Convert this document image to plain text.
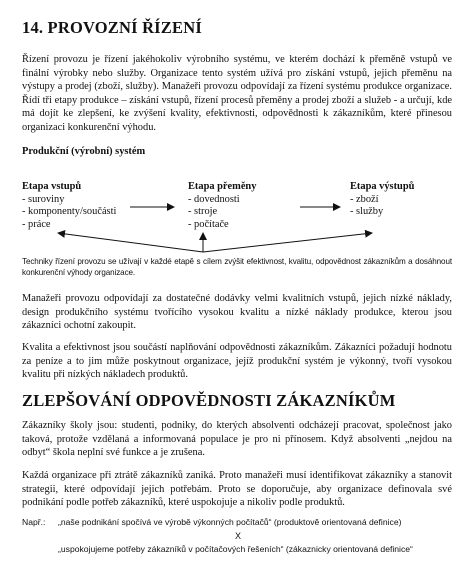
14. PROVOZNÍ ŘÍZENÍ
Řízení provozu je řízení jakéhokoliv výrobního systému, ve kterém dochází k přeměně vstupů ve finální výrobky nebo služby. Organizace tento systém užívá pro získání vstupů, jejich přeměnu na výstupy a prodej (zboží, služby). Manažeři provozu odpovídají za řízení systému produkce organizace. Řídí tři etapy produkce – získání vstupů, řízení procesů přeměny a prodej zboží a služeb - a určují, kde má dojít ke zlepšení, ke zvýšení kvality, efektivnosti, odpovědnosti k zákazníkům, které přinesou organizaci konkurenční výhodu.
Produkční (výrobní) systém
Etapa vstupů
- suroviny
- komponenty/součásti
- práce
Etapa přeměny
- dovednosti
- stroje
- počítače
Etapa výstupů
- zboží
- služby
Techniky řízení provozu se užívají v každé etapě s cílem zvýšit efektivnost, kvalitu, odpovědnost zákazníkům a dosáhnout konkurenční výhody organizace.
Manažeři provozu odpovídají za dostatečné dodávky velmi kvalitních vstupů, jejich nízké náklady, design produkčního systému tvořícího vysokou kvalitu a nízké náklady produkce, kterou jsou zákazníci ochotní zakoupit.
Kvalita a efektivnost jsou součástí naplňování odpovědnosti zákazníkům. Zákazníci požadují hodnotu za peníze a to jim může poskytnout organizace, jejíž produkční systém je výkonný, tvoří vysokou kvalitu při nízkých nákladech produktů.
ZLEPŠOVÁNÍ ODPOVĚDNOSTI ZÁKAZNÍKŮM
Zákazníky školy jsou: studenti, podniky, do kterých absolventi odcházejí pracovat, společnost jako taková, protože vzdělaná a informovaná populace je pro ni přínosem. Když absolventi „nejdou na odbyt“ škola neplní své funkce a je zrušena.
Každá organizace při ztrátě zákazníků zaniká. Proto manažeři musí identifikovat zákazníky a stanovit strategii, které odpovídají jejich potřebám. Proto se doporučuje, aby organizace definovala své podnikání podle potřeb zákazníků, které uspokojuje a nikoliv podle produktů.
Např.: „naše podnikání spočívá ve výrobě výkonných počítačů“ (produktově orientovaná definice)
X
„uspokojujeme potřeby zákazníků v počítačových řešeních“ (zákaznicky orientovaná definice“
